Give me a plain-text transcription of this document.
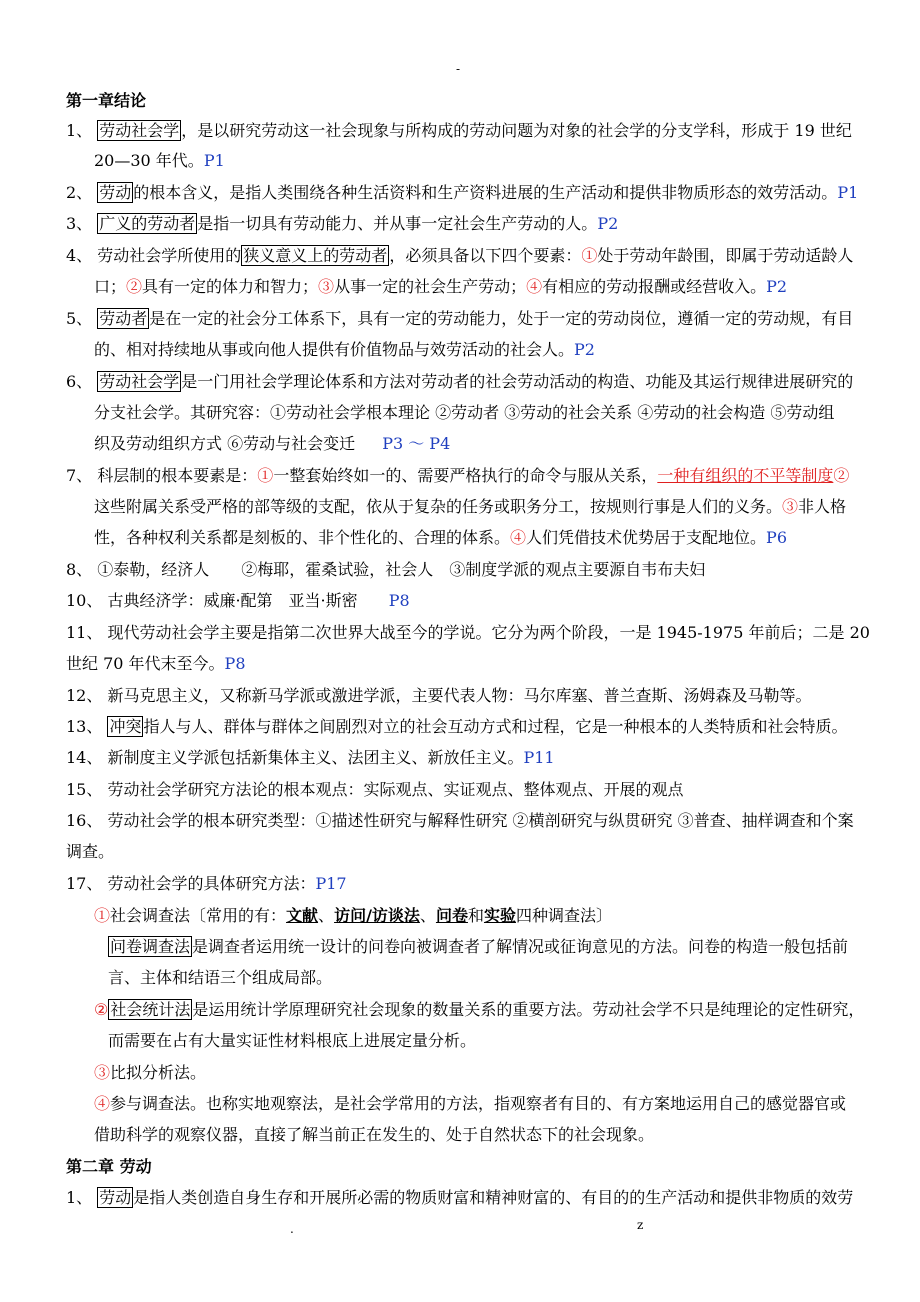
-
第一章结论
1、 劳动社会学 ，是以研究劳动这一社会现象与所构成的劳动问题为对象的社会学的分支学科，形成于 19 世纪
20—30 年代。P1
2、 劳动 的根本含义，是指人类围绕各种生活资料和生产资料进展的生产活动和提供非物质形态的效劳活动。P1
3、 广义的劳动者 是指一切具有劳动能力、并从事一定社会生产劳动的人。P2
4、 劳动社会学所使用的 狭义意义上的劳动者 ，必须具备以下四个要素：①处于劳动年龄围，即属于劳动适龄人
口；②具有一定的体力和智力；③从事一定的社会生产劳动；④有相应的劳动报酬或经营收入。P2
5、 劳动者 是在一定的社会分工体系下，具有一定的劳动能力，处于一定的劳动岗位，遵循一定的劳动规，有目
的、相对持续地从事或向他人提供有价值物品与效劳活动的社会人。P2
6、 劳动社会学 是一门用社会学理论体系和方法对劳动者的社会劳动活动的构造、功能及其运行规律进展研究的
分支社会学。其研究容：①劳动社会学根本理论 ②劳动者 ③劳动的社会关系 ④劳动的社会构造 ⑤劳动组
织及劳动组织方式 ⑥劳动与社会变迁 P3 ～ P4
7、 科层制的根本要素是：①一整套始终如一的、需要严格执行的命令与服从关系，一种有组织的不平等制度②
这些附属关系受严格的部等级的支配，依从于复杂的任务或职务分工，按规则行事是人们的义务。③非人格
性，各种权利关系都是刻板的、非个性化的、合理的体系。④人们凭借技术优势居于支配地位。P6
8、 ①泰勒，经济人　　②梅耶，霍桑试验，社会人　③制度学派的观点主要源自韦布夫妇
10、 古典经济学：威廉·配第　亚当·斯密 P8
11、 现代劳动社会学主要是指第二次世界大战至今的学说。它分为两个阶段，一是 1945-1975 年前后；二是 20
世纪 70 年代末至今。P8
12、 新马克思主义，又称新马学派或激进学派，主要代表人物：马尔库塞、普兰查斯、汤姆森及马勒等。
13、 冲突 指人与人、群体与群体之间剧烈对立的社会互动方式和过程，它是一种根本的人类特质和社会特质。
14、 新制度主义学派包括新集体主义、法团主义、新放任主义。P11
15、 劳动社会学研究方法论的根本观点：实际观点、实证观点、整体观点、开展的观点
16、 劳动社会学的根本研究类型：①描述性研究与解释性研究 ②横剖研究与纵贯研究 ③普查、抽样调查和个案
调查。
17、 劳动社会学的具体研究方法：P17
①社会调查法〔常用的有：文献、访问/访谈法、问卷和实验四种调查法〕
问卷调查法 是调查者运用统一设计的问卷向被调查者了解情况或征询意见的方法。问卷的构造一般包括前
言、主体和结语三个组成局部。
② 社会统计法 是运用统计学原理研究社会现象的数量关系的重要方法。劳动社会学不只是纯理论的定性研究，
而需要在占有大量实证性材料根底上进展定量分析。
③比拟分析法。
④参与调查法。也称实地观察法，是社会学常用的方法，指观察者有目的、有方案地运用自己的感觉器官或
借助科学的观察仪器，直接了解当前正在发生的、处于自然状态下的社会现象。
第二章 劳动
1、 劳动 是指人类创造自身生存和开展所必需的物质财富和精神财富的、有目的的生产活动和提供非物质的效劳
.	z
